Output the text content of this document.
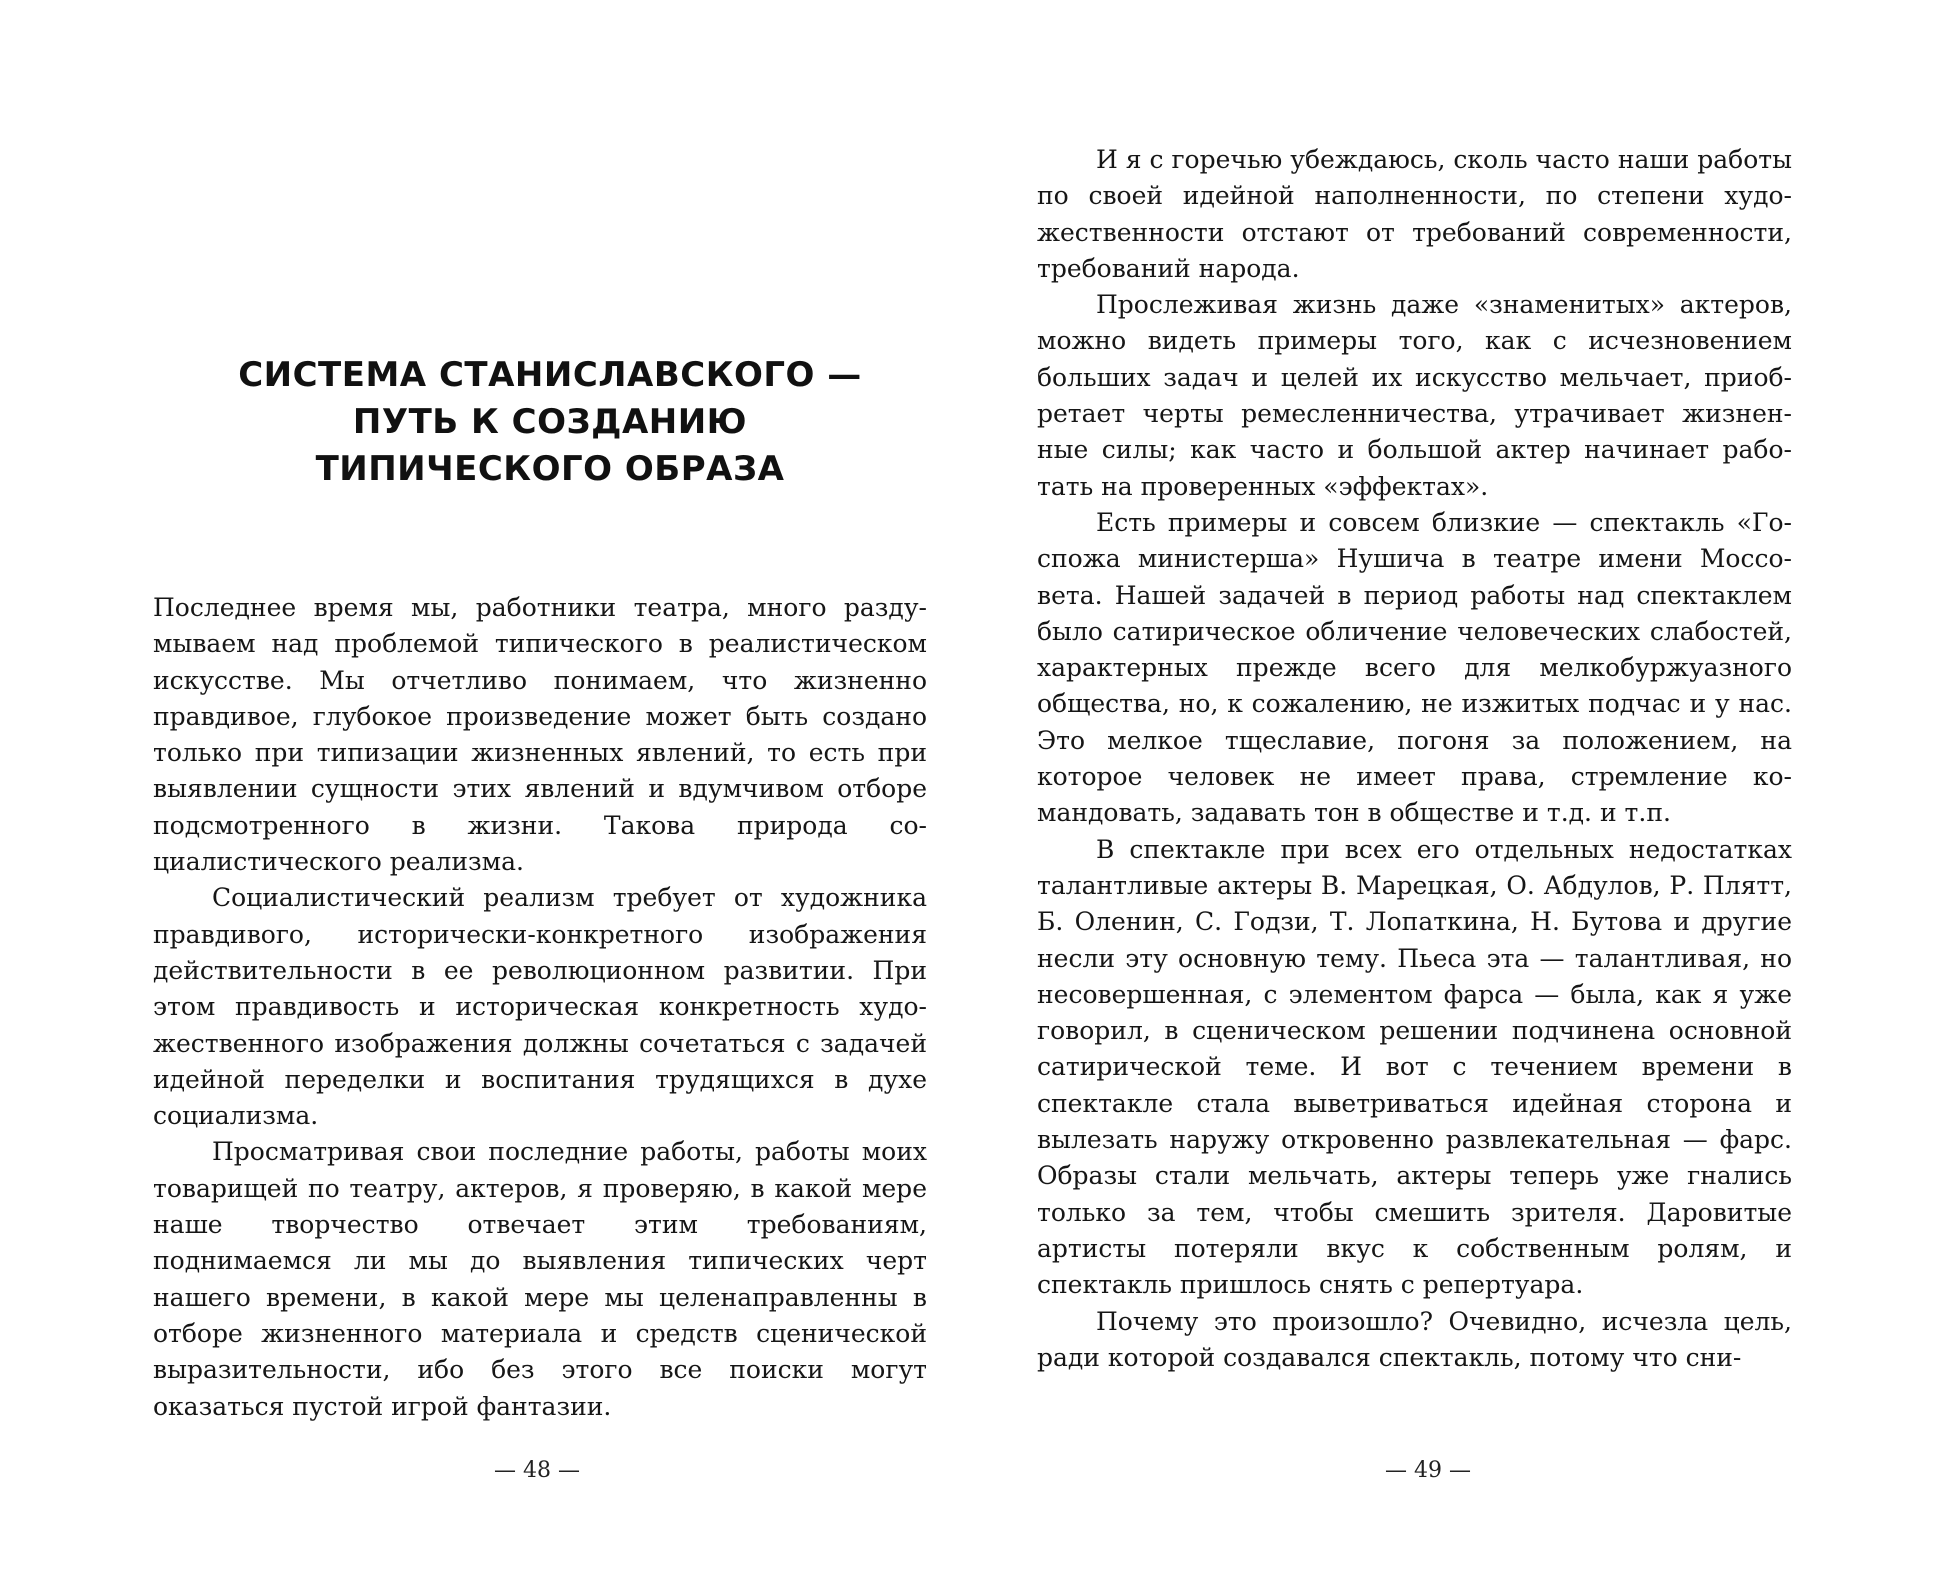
СИСТЕМА СТАНИСЛАВСКОГО —
ПУТЬ К СОЗДАНИЮ
ТИПИЧЕСКОГО ОБРАЗА

Последнее время мы, работники театра, много раздумываем над проблемой типического в реалистическом искусстве. Мы отчетливо понимаем, что жизненно правдивое, глубокое произведение может быть создано только при типизации жизненных явлений, то есть при выявлении сущности этих явлений и вдумчивом отборе подсмотренного в жизни. Такова природа социалистического реализма.

Социалистический реализм требует от художника правдивого, исторически-конкретного изображения действительности в ее революционном развитии. При этом правдивость и историческая конкретность художественного изображения должны сочетаться с задачей идейной переделки и воспитания трудящихся в духе социализма.

Просматривая свои последние работы, работы моих товарищей по театру, актеров, я проверяю, в какой мере наше творчество отвечает этим требованиям, поднимаемся ли мы до выявления типических черт нашего времени, в какой мере мы целенаправленны в отборе жизненного материала и средств сценической выразительности, ибо без этого все поиски могут оказаться пустой игрой фантазии.

— 48 —

И я с горечью убеждаюсь, сколь часто наши работы по своей идейной наполненности, по степени художественности отстают от требований современности, требований народа.

Прослеживая жизнь даже «знаменитых» актеров, можно видеть примеры того, как с исчезновением больших задач и целей их искусство мельчает, приобретает черты ремесленничества, утрачивает жизненные силы; как часто и большой актер начинает работать на проверенных «эффектах».

Есть примеры и совсем близкие — спектакль «Госпожа министерша» Нушича в театре имени Моссовета. Нашей задачей в период работы над спектаклем было сатирическое обличение человеческих слабостей, характерных прежде всего для мелкобуржуазного общества, но, к сожалению, не изжитых подчас и у нас. Это мелкое тщеславие, погоня за положением, на которое человек не имеет права, стремление командовать, задавать тон в обществе и т.д. и т.п.

В спектакле при всех его отдельных недостатках талантливые актеры В. Марецкая, О. Абдулов, Р. Плятт, Б. Оленин, С. Годзи, Т. Лопаткина, Н. Бутова и другие несли эту основную тему. Пьеса эта — талантливая, но несовершенная, с элементом фарса — была, как я уже говорил, в сценическом решении подчинена основной сатирической теме. И вот с течением времени в спектакле стала выветриваться идейная сторона и вылезать наружу откровенно развлекательная — фарс. Образы стали мельчать, актеры теперь уже гнались только за тем, чтобы смешить зрителя. Даровитые артисты потеряли вкус к собственным ролям, и спектакль пришлось снять с репертуара.

Почему это произошло? Очевидно, исчезла цель, ради которой создавался спектакль, потому что сни-

— 49 —
